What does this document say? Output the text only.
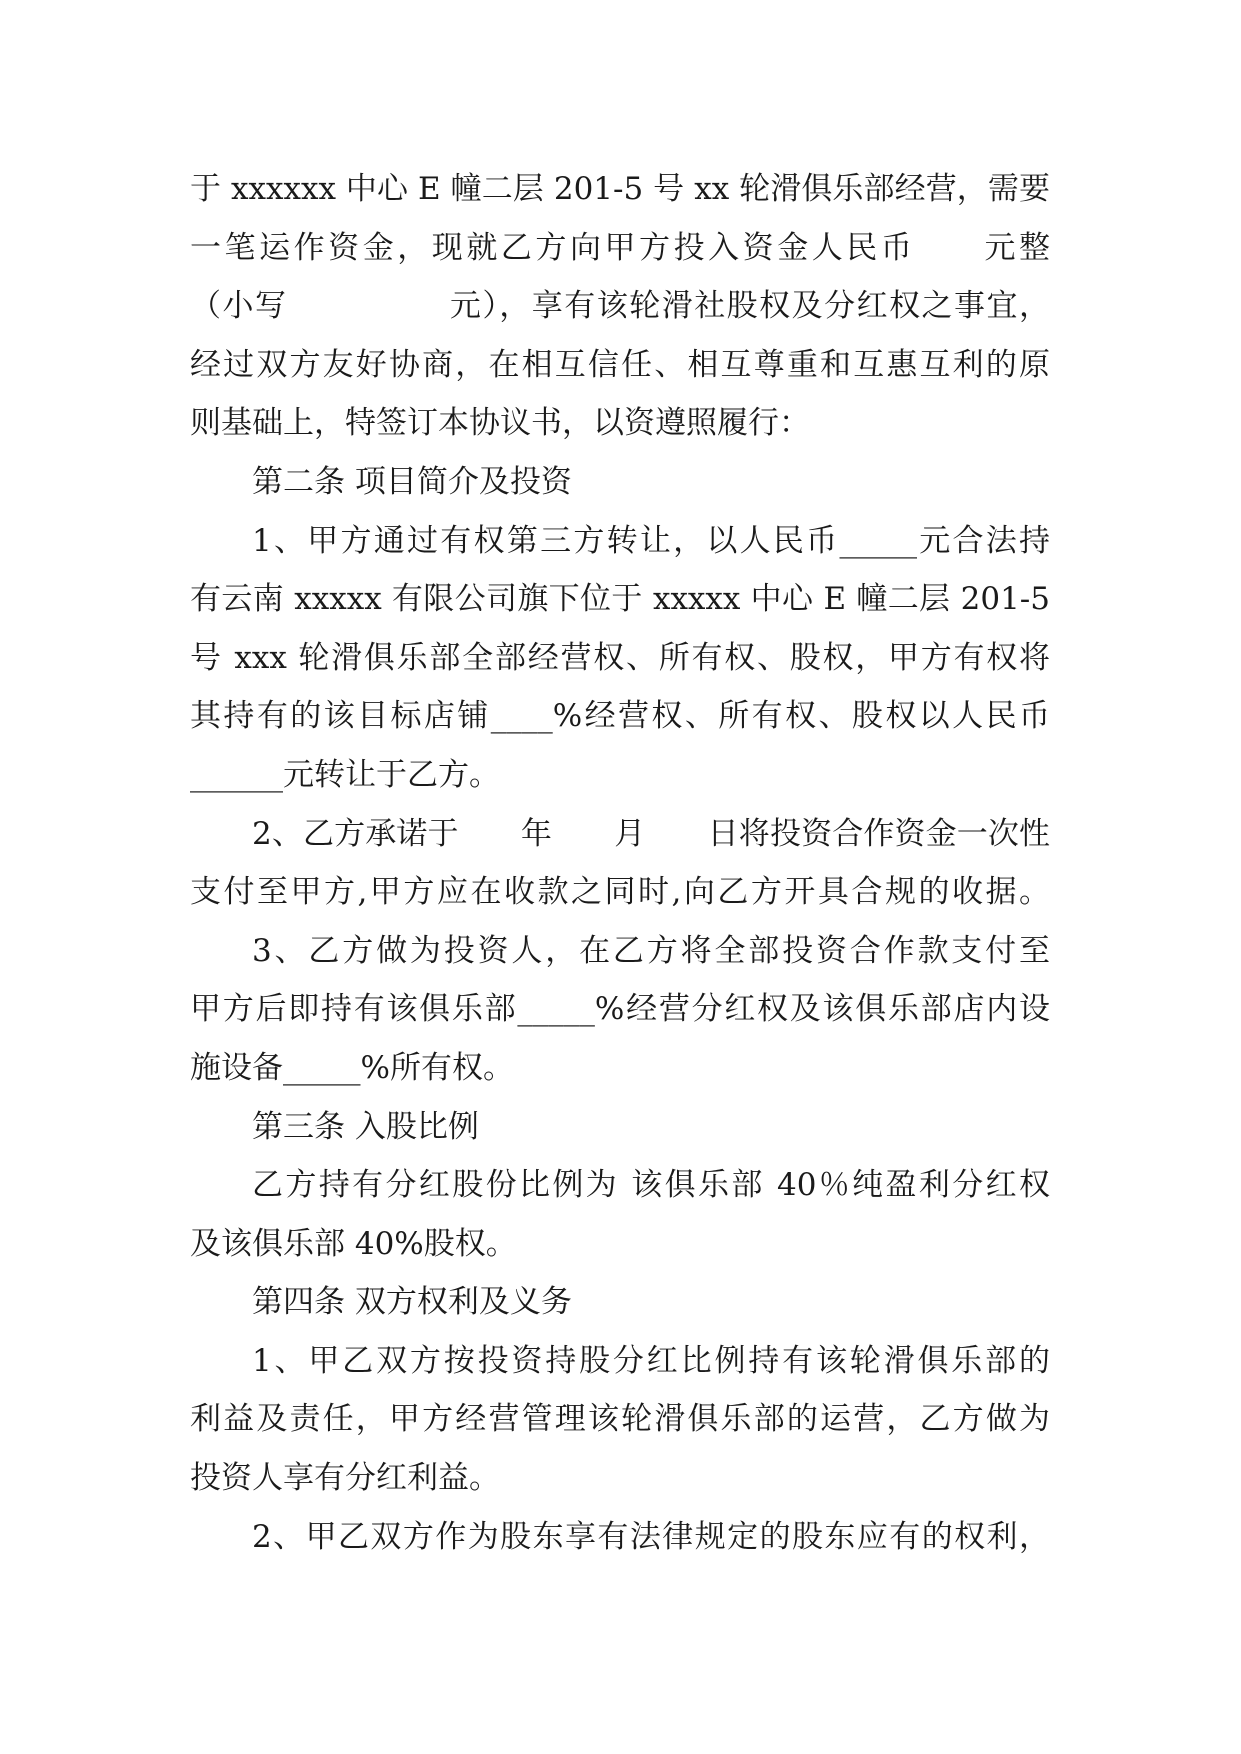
于 xxxxxx 中心 E 幢二层 201-5 号 xx 轮滑俱乐部经营，需要
一笔运作资金，现就乙方向甲方投入资金人民币　　元整
（小写　　　　　元），享有该轮滑社股权及分红权之事宜，
经过双方友好协商，在相互信任、相互尊重和互惠互利的原
则基础上，特签订本协议书，以资遵照履行：
第二条 项目简介及投资
1、甲方通过有权第三方转让，以人民币_____元合法持
有云南 xxxxx 有限公司旗下位于 xxxxx 中心 E 幢二层 201-5
号 xxx 轮滑俱乐部全部经营权、所有权、股权，甲方有权将
其持有的该目标店铺____%经营权、所有权、股权以人民币
______元转让于乙方。
2、乙方承诺于　　年　　月　　日将投资合作资金一次性
支付至甲方,甲方应在收款之同时,向乙方开具合规的收据。
3、乙方做为投资人，在乙方将全部投资合作款支付至
甲方后即持有该俱乐部_____%经营分红权及该俱乐部店内设
施设备_____%所有权。
第三条 入股比例
乙方持有分红股份比例为 该俱乐部 40％纯盈利分红权
及该俱乐部 40%股权。
第四条 双方权利及义务
1、甲乙双方按投资持股分红比例持有该轮滑俱乐部的
利益及责任，甲方经营管理该轮滑俱乐部的运营，乙方做为
投资人享有分红利益。
2、甲乙双方作为股东享有法律规定的股东应有的权利，
